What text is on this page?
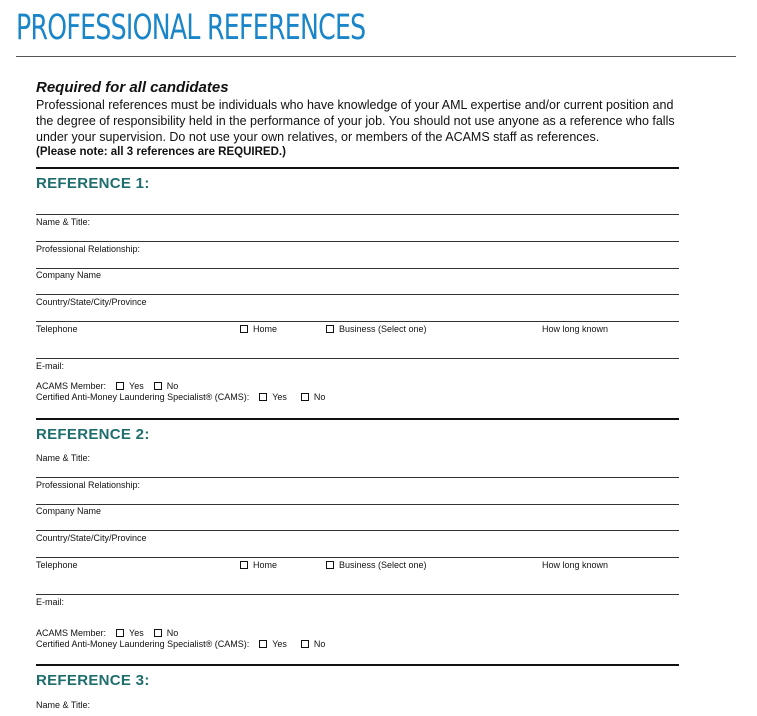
PROFESSIONAL REFERENCES
Required for all candidates
Professional references must be individuals who have knowledge of your AML expertise and/or current position and the degree of responsibility held in the performance of your job. You should not use anyone as a reference who falls under your supervision. Do not use your own relatives, or members of the ACAMS staff as references.
(Please note: all 3 references are REQUIRED.)
REFERENCE 1:
Name & Title:
Professional Relationship:
Company Name
Country/State/City/Province
Telephone	Home	Business (Select one)	How long known
E-mail:
ACAMS Member:	Yes	No
Certified Anti-Money Laundering Specialist® (CAMS):	Yes	No
REFERENCE 2:
Name & Title:
Professional Relationship:
Company Name
Country/State/City/Province
Telephone	Home	Business (Select one)	How long known
E-mail:
ACAMS Member:	Yes	No
Certified Anti-Money Laundering Specialist® (CAMS):	Yes	No
REFERENCE 3:
Name & Title:
